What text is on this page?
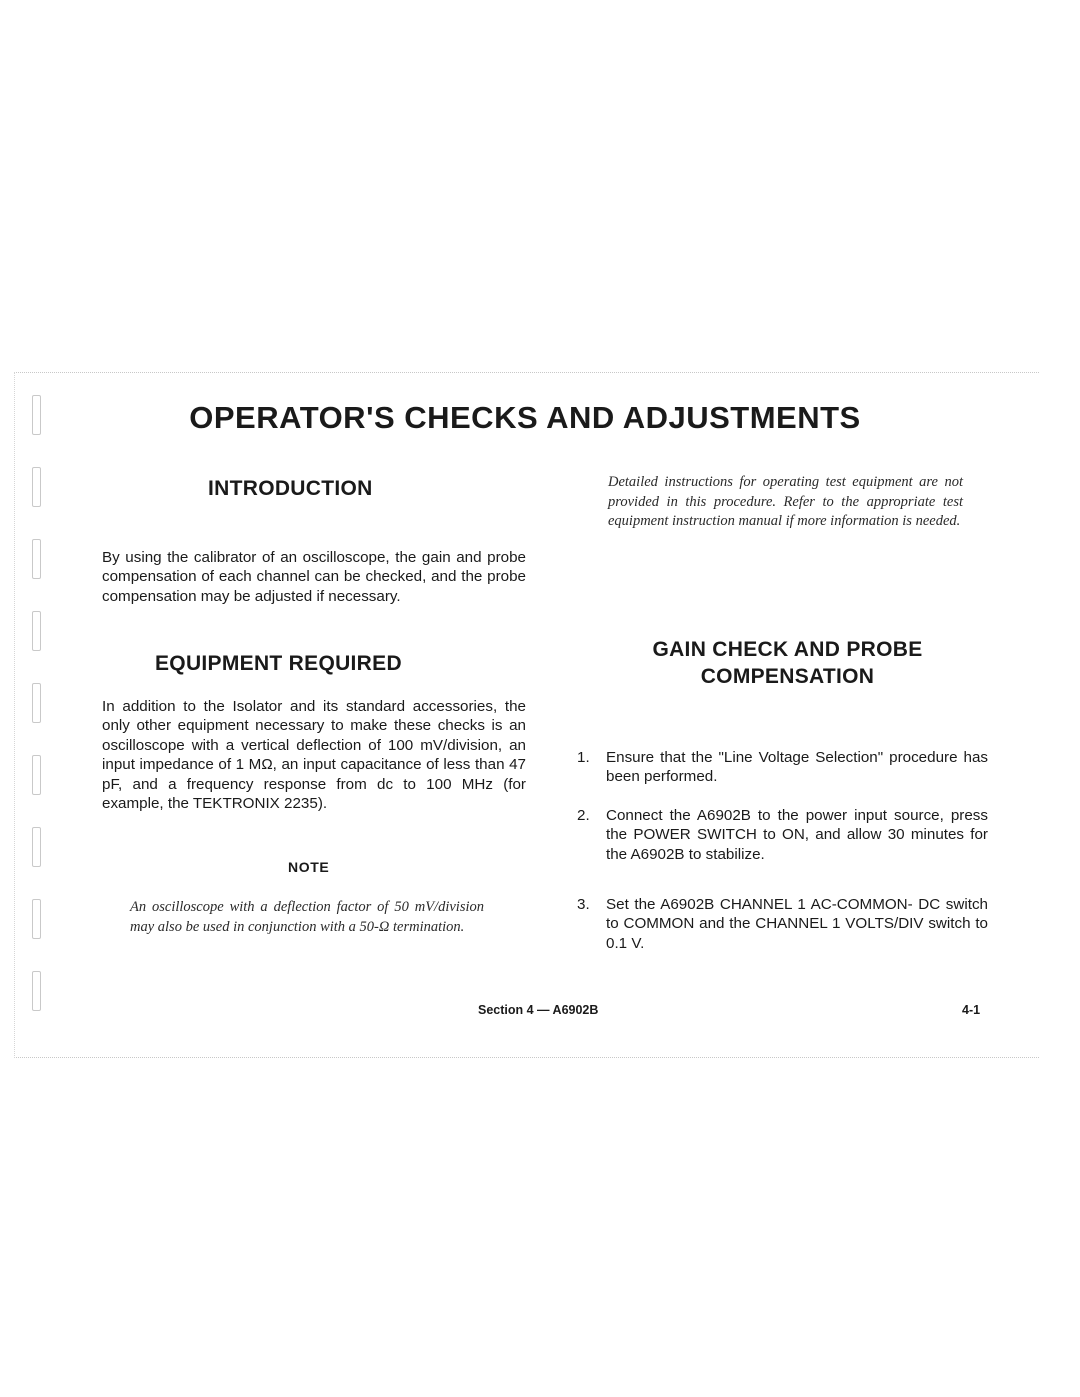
OPERATOR'S CHECKS AND ADJUSTMENTS
INTRODUCTION

By using the calibrator of an oscilloscope, the gain and probe compensation of each channel can be checked, and the probe compensation may be adjusted if necessary.

Detailed instructions for operating test equipment are not provided in this procedure. Refer to the appropriate test equipment instruction manual if more information is needed.

EQUIPMENT REQUIRED

In addition to the Isolator and its standard accessories, the only other equipment necessary to make these checks is an oscilloscope with a vertical deflection of 100 mV/division, an input impedance of 1 MΩ, an input capacitance of less than 47 pF, and a frequency response from dc to 100 MHz (for example, the TEKTRONIX 2235).

NOTE

An oscilloscope with a deflection factor of 50 mV/division may also be used in conjunction with a 50-Ω termination.

GAIN CHECK AND PROBE
COMPENSATION
1. Ensure that the "Line Voltage Selection" procedure has been performed.
2. Connect the A6902B to the power input source, press the POWER SWITCH to ON, and allow 30 minutes for the A6902B to stabilize.
3. Set the A6902B CHANNEL 1 AC-COMMON- DC switch to COMMON and the CHANNEL 1 VOLTS/DIV switch to 0.1 V.

Section 4 — A6902B	4-1
